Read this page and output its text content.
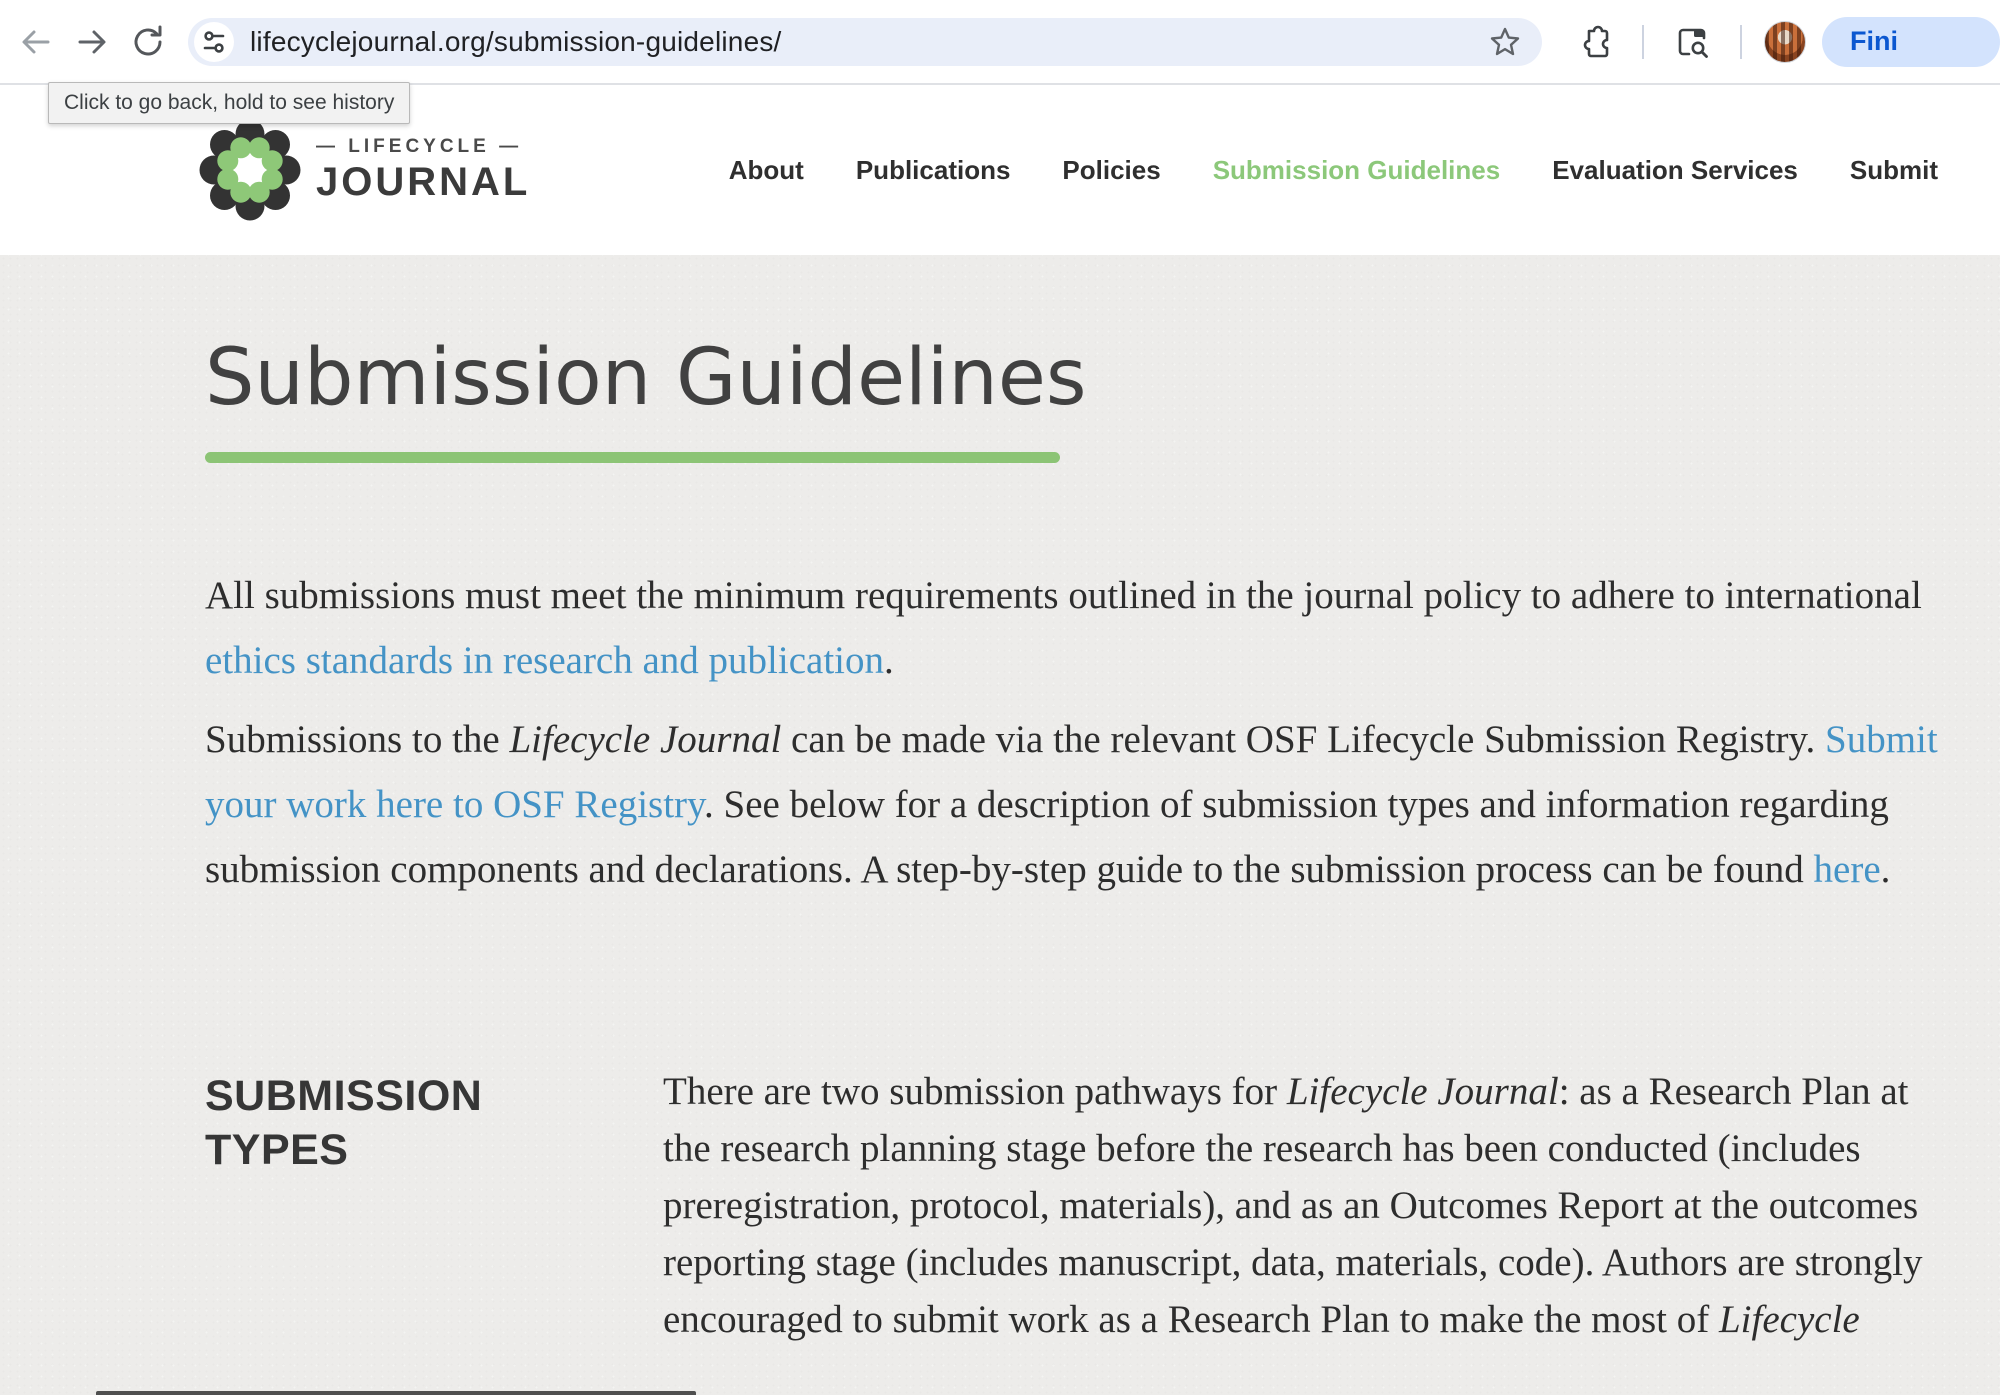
lifecyclejournal.org/submission-guidelines/	Fini
Click to go back, hold to see history
— LIFECYCLE —
JOURNAL	About Publications Policies Submission Guidelines Evaluation Services Submit
Submission Guidelines
All submissions must meet the minimum requirements outlined in the journal policy to adhere to international ethics standards in research and publication.
Submissions to the Lifecycle Journal can be made via the relevant OSF Lifecycle Submission Registry. Submit your work here to OSF Registry. See below for a description of submission types and information regarding submission components and declarations. A step-by-step guide to the submission process can be found here.
SUBMISSION TYPES
There are two submission pathways for Lifecycle Journal: as a Research Plan at the research planning stage before the research has been conducted (includes preregistration, protocol, materials), and as an Outcomes Report at the outcomes reporting stage (includes manuscript, data, materials, code). Authors are strongly encouraged to submit work as a Research Plan to make the most of Lifecycle
